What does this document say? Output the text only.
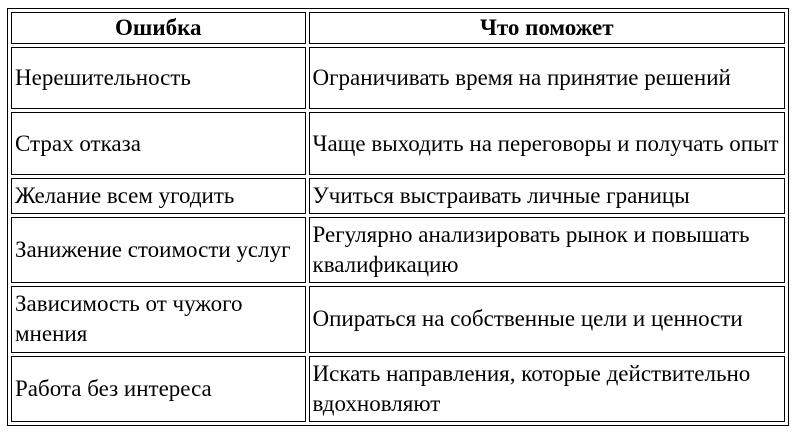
Ошибка	Что поможет
Нерешительность	Ограничивать время на принятие решений
Страх отказа	Чаще выходить на переговоры и получать опыт
Желание всем угодить	Учиться выстраивать личные границы
Занижение стоимости услуг	Регулярно анализировать рынок и повышать квалификацию
Зависимость от чужого мнения	Опираться на собственные цели и ценности
Работа без интереса	Искать направления, которые действительно вдохновляют
